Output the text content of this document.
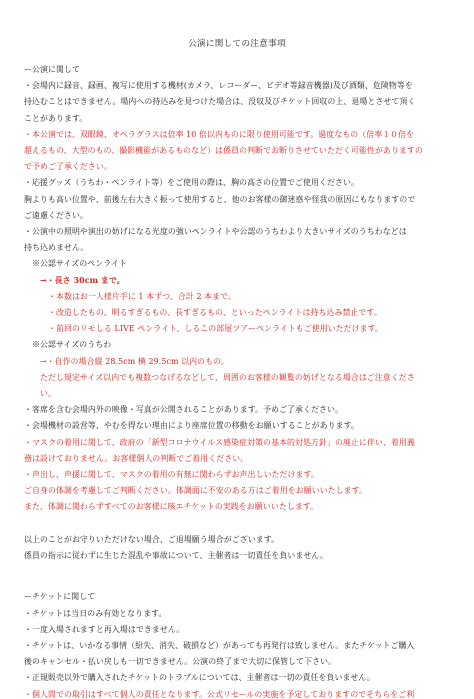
公演に関しての注意事項
ー公演に関して
・会場内に録音、録画、複写に使用する機材(カメラ、レコーダー、ビデオ等録音機器)及び酒類、危険物等を
持込むことはできません。場内への持込みを見つけた場合は、没収及びチケット回収の上、退場とさせて頂く
ことがあります。
・本公演では、双眼鏡、オペラグラスは倍率 10 倍以内ものに限り使用可能です。過度なもの（倍率１０倍を
超えるもの、大型のもの、撮影機能があるものなど）は係員の判断でお断りさせていただく可能性がありますの
で予めご了承ください。
・応援グッズ（うちわ・ペンライト等）をご使用の際は、胸の高さの位置でご使用ください。
胸よりも高い位置や、前後左右大きく振って使用すると、他のお客様の御迷惑や怪我の原因にもなりますので
ご遠慮ください。
・公演中の照明や演出の妨げになる光度の強いペンライトや公認のうちわより大きいサイズのうちわなどは
持ち込めません。
　※公認サイズのペンライト
　　→・長さ 30cm まで。
　　　・本数はお一人様片手に 1 本ずつ、合計 2 本まで。
　　　・改造したもの、明るすぎるもの、長すぎるもの、といったペンライトは持ち込み禁止です。
　　　・前回のリモしる LIVE ペンライト、しるこの部屋ツアーペンライトもご使用いただけます。
　※公認サイズのうちわ
　　→・自作の場合縦 28.5cm 横 29.5cm 以内のもの。
　　ただし規定サイズ以内でも複数つなげるなどして、周囲のお客様の観覧の妨げとなる場合はご注意くださ
　　い。
・客席を含む会場内外の映像・写真が公開されることがあります。予めご了承ください。
・会場機材の設営等、やむを得ない理由により座席位置の移動をお願いすることがあります。
・マスクの着用に関して、政府の「新型コロナウイルス感染症対策の基本的対処方針」の廃止に伴い、着用義
務は設けておりません。お客様個人の判断でご着用ください。
・声出し、声援に関して、マスクの着用の有無に関わらずお声出しいただけます。
ご自身の体調を考慮してご判断ください。体調面に不安のある方はご着用をお願いいたします。
また、体調に関わらずすべてのお客様に咳エチケットの実践をお願いいたします。
以上のことがお守りいただけない場合、ご退場願う場合がございます。
係員の指示に従わずに生じた混乱や事故について、主催者は一切責任を負いません。
ーチケットに関して
・チケットは当日のみ有効となります。
・一度入場されますと再入場はできません。
・チケットは、いかなる事情（紛失、消失、破損など）があっても再発行は致しません。またチケットご購入
後のキャンセル・払い戻しも一切できません。公演の終了まで大切に保管して下さい。
・正規販売以外で購入されたチケットのトラブルについては、主催者は一切の責任を負いません。
・個人間での取引はすべて個人の責任となります。公式リセールの実施を予定しておりますのでそちらをご利
